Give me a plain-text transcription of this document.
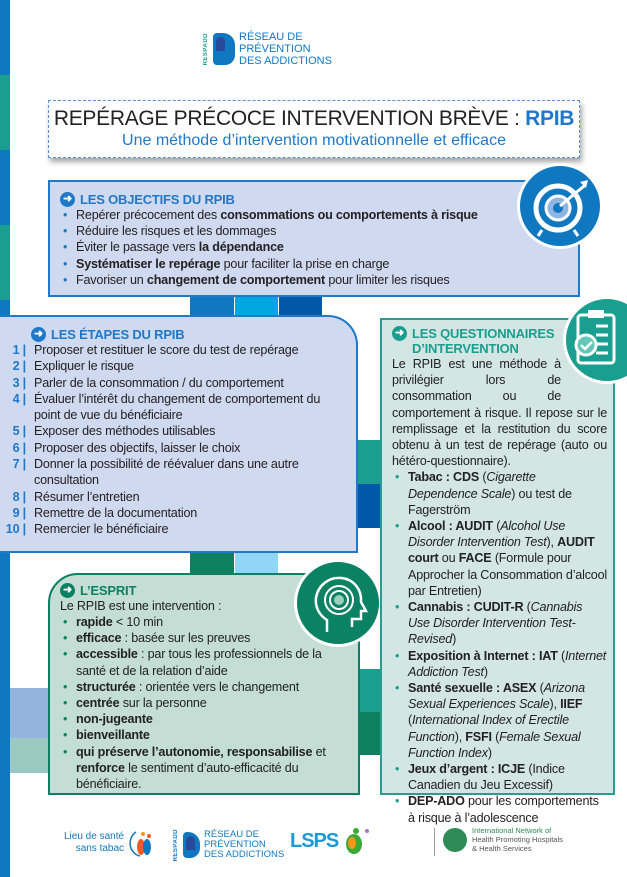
RESPADD	RÉSEAU DE
PRÉVENTION
DES ADDICTIONS
REPÉRAGE PRÉCOCE INTERVENTION BRÈVE : RPIB
Une méthode d’intervention motivationnelle et efficace
➜ LES OBJECTIFS DU RPIB
• Repérer précocement des consommations ou comportements à risque
• Réduire les risques et les dommages
• Éviter le passage vers la dépendance
• Systématiser le repérage pour faciliter la prise en charge
• Favoriser un changement de comportement pour limiter les risques
➜ LES ÉTAPES DU RPIB
1 | Proposer et restituer le score du test de repérage
2 | Expliquer le risque
3 | Parler de la consommation / du comportement
4 | Évaluer l’intérêt du changement de comportement du point de vue du bénéficiaire
5 | Exposer des méthodes utilisables
6 | Proposer des objectifs, laisser le choix
7 | Donner la possibilité de réévaluer dans une autre consultation
8 | Résumer l’entretien
9 | Remettre de la documentation
10 | Remercier le bénéficiaire
➜ L’ESPRIT
Le RPIB est une intervention :
• rapide < 10 min
• efficace : basée sur les preuves
• accessible : par tous les professionnels de la santé et de la relation d’aide
• structurée : orientée vers le changement
• centrée sur la personne
• non-jugeante
• bienveillante
• qui préserve l’autonomie, responsabilise et renforce le sentiment d’auto-efficacité du bénéficiaire.
➜ LES QUESTIONNAIRES
D’INTERVENTION

Le RPIB est une méthode à privilégier lors de consommation ou de comportement à risque. Il repose sur le remplissage et la restitution du score obtenu à un test de repérage (auto ou hétéro-questionnaire).

• Tabac : CDS (Cigarette Dependence Scale) ou test de Fagerström
• Alcool : AUDIT (Alcohol Use Disorder Intervention Test), AUDIT court ou FACE (Formule pour Approcher la Consommation d’alcool par Entretien)
• Cannabis : CUDIT-R (Cannabis Use Disorder Intervention Test-Revised)
• Exposition à Internet : IAT (Internet Addiction Test)
• Santé sexuelle : ASEX (Arizona Sexual Experiences Scale), IIEF (International Index of Erectile Function), FSFI (Female Sexual Function Index)
• Jeux d’argent : ICJE (Indice Canadien du Jeu Excessif)
• DEP-ADO pour les comportements à risque à l’adolescence
Lieu de santé
sans tabac	RESPADD	RÉSEAU DE
PRÉVENTION
DES ADDICTIONS
LSPS	International Network of
Health Promoting Hospitals
& Health Services
